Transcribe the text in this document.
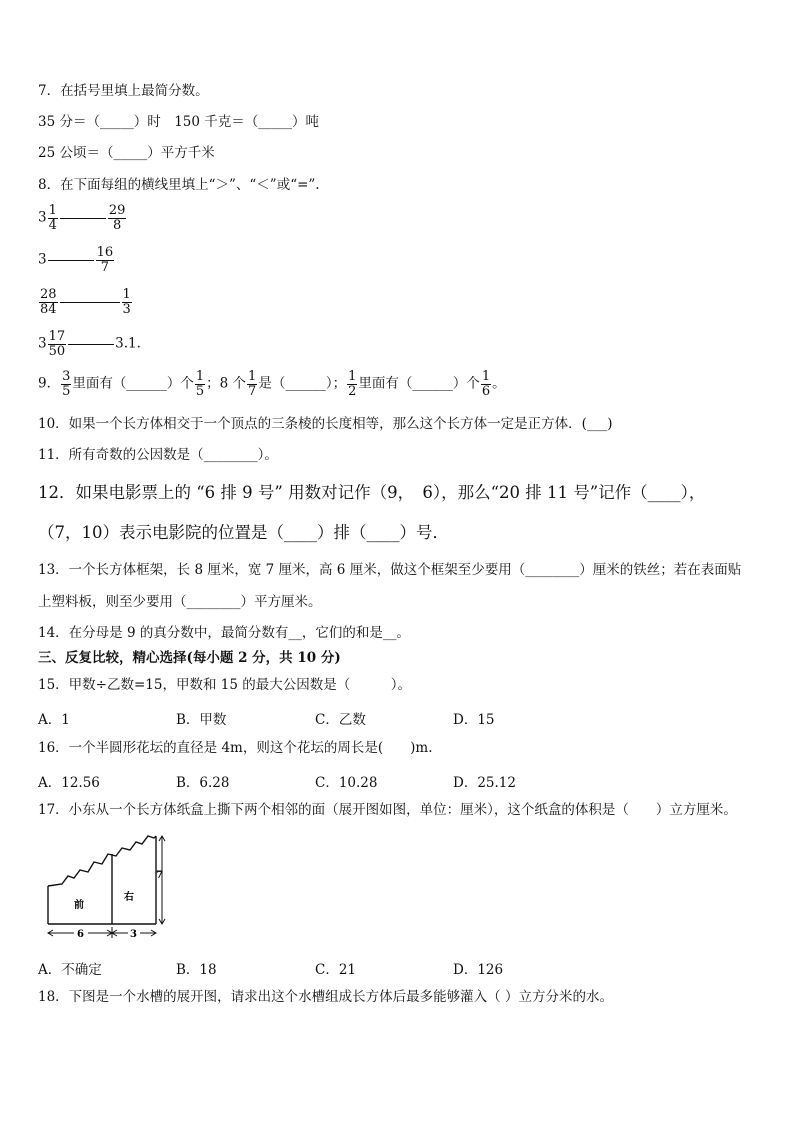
7．在括号里填上最简分数。
35 分＝（_____）时　150 千克＝（_____）吨
25 公顷＝（_____）平方千米
8．在下面每组的横线里填上“＞”、“＜”或“=”.
$3 \frac{1}{4}$	$\frac{29}{8}$
3	$\frac{16}{7}$
$\frac{28}{84}$	$\frac{1}{3}$
$3 \frac{17}{50}$	3.1.
9． $\frac{3}{5}$ 里面有（______）个 $\frac{1}{5}$ ；8 个 $\frac{1}{7}$ 是（______）； $\frac{1}{2}$ 里面有（______）个 $\frac{1}{6}$ 。
10．如果一个长方体相交于一个顶点的三条棱的长度相等，那么这个长方体一定是正方体．(___)
11．所有奇数的公因数是（________）。
12．如果电影票上的 “6 排 9 号” 用数对记作（9，　6），那么“20 排 11 号”记作（____），
（7，10）表示电影院的位置是（____）排（____）号．
13．一个长方体框架，长 8 厘米，宽 7 厘米，高 6 厘米，做这个框架至少要用（________）厘米的铁丝；若在表面贴
上塑料板，则至少要用（________）平方厘米。
14．在分母是 9 的真分数中，最简分数有__，它们的和是__。
三、反复比较，精心选择(每小题 2 分，共 10 分)
15．甲数÷乙数=15，甲数和 15 的最大公因数是（　　　）。
A．1	B．甲数	C．乙数	D．15
16．一个半圆形花坛的直径是 4m，则这个花坛的周长是(　　)m.
A．12.56	B．6.28	C．10.28	D．25.12
17．小东从一个长方体纸盒上撕下两个相邻的面（展开图如图，单位：厘米），这个纸盒的体积是（　　）立方厘米。
前
右
7
6	3
A．不确定	B．18	C．21	D．126
18．下图是一个水槽的展开图，请求出这个水槽组成长方体后最多能够灌入（ ）立方分米的水。
